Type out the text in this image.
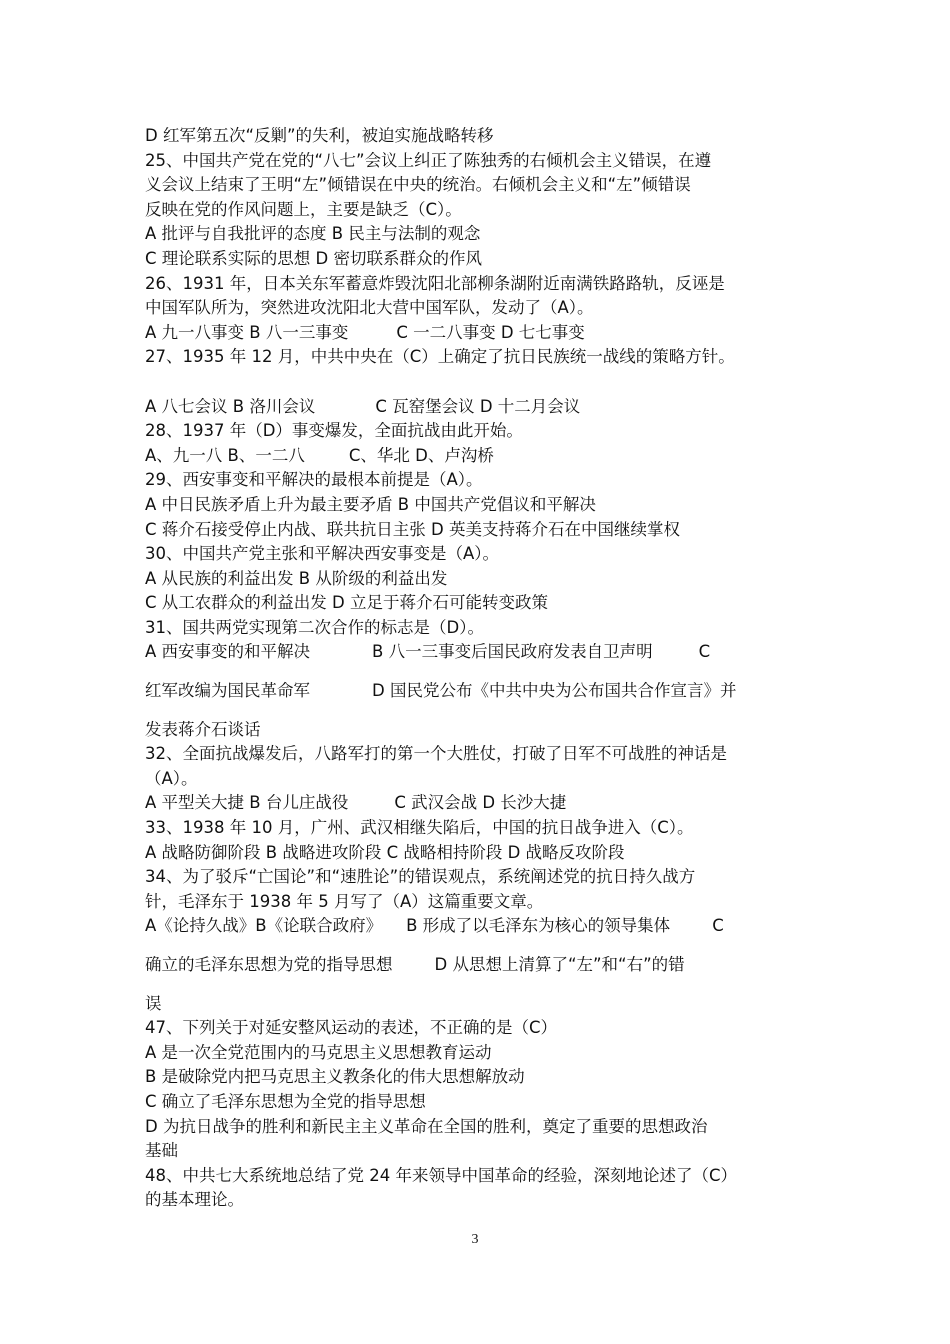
D 红军第五次“反剿”的失利，被迫实施战略转移
25、中国共产党在党的“八七”会议上纠正了陈独秀的右倾机会主义错误，在遵
义会议上结束了王明“左”倾错误在中央的统治。右倾机会主义和“左”倾错误
反映在党的作风问题上，主要是缺乏（C）。
A 批评与自我批评的态度 B 民主与法制的观念
C 理论联系实际的思想 D 密切联系群众的作风
26、1931 年，日本关东军蓄意炸毁沈阳北部柳条湖附近南满铁路路轨，反诬是
中国军队所为，突然进攻沈阳北大营中国军队，发动了（A）。
A 九一八事变 B 八一三事变	C 一二八事变 D 七七事变
27、1935 年 12 月，中共中央在（C）上确定了抗日民族统一战线的策略方针。
A 八七会议 B 洛川会议	C 瓦窑堡会议 D 十二月会议
28、1937 年（D）事变爆发，全面抗战由此开始。
A、九一八 B、一二八	C、华北 D、卢沟桥
29、西安事变和平解决的最根本前提是（A）。
A 中日民族矛盾上升为最主要矛盾 B 中国共产党倡议和平解决
C 蒋介石接受停止内战、联共抗日主张 D 英美支持蒋介石在中国继续掌权
30、中国共产党主张和平解决西安事变是（A）。
A 从民族的利益出发 B 从阶级的利益出发
C 从工农群众的利益出发 D 立足于蒋介石可能转变政策
31、国共两党实现第二次合作的标志是（D）。
A 西安事变的和平解决	B 八一三事变后国民政府发表自卫声明	C
红军改编为国民革命军	D 国民党公布《中共中央为公布国共合作宣言》并
发表蒋介石谈话
32、全面抗战爆发后，八路军打的第一个大胜仗，打破了日军不可战胜的神话是
（A）。
A 平型关大捷 B 台儿庄战役	C 武汉会战 D 长沙大捷
33、1938 年 10 月，广州、武汉相继失陷后，中国的抗日战争进入（C）。
A 战略防御阶段 B 战略进攻阶段 C 战略相持阶段 D 战略反攻阶段
34、为了驳斥“亡国论”和“速胜论”的错误观点，系统阐述党的抗日持久战方
针，毛泽东于 1938 年 5 月写了（A）这篇重要文章。
A《论持久战》B《论联合政府》 B 形成了以毛泽东为核心的领导集体	C
确立的毛泽东思想为党的指导思想	D 从思想上清算了“左”和“右”的错
误
47、下列关于对延安整风运动的表述，不正确的是（C）
A 是一次全党范围内的马克思主义思想教育运动
B 是破除党内把马克思主义教条化的伟大思想解放动
C 确立了毛泽东思想为全党的指导思想
D 为抗日战争的胜利和新民主主义革命在全国的胜利，奠定了重要的思想政治
基础
48、中共七大系统地总结了党 24 年来领导中国革命的经验，深刻地论述了（C）
的基本理论。
3
